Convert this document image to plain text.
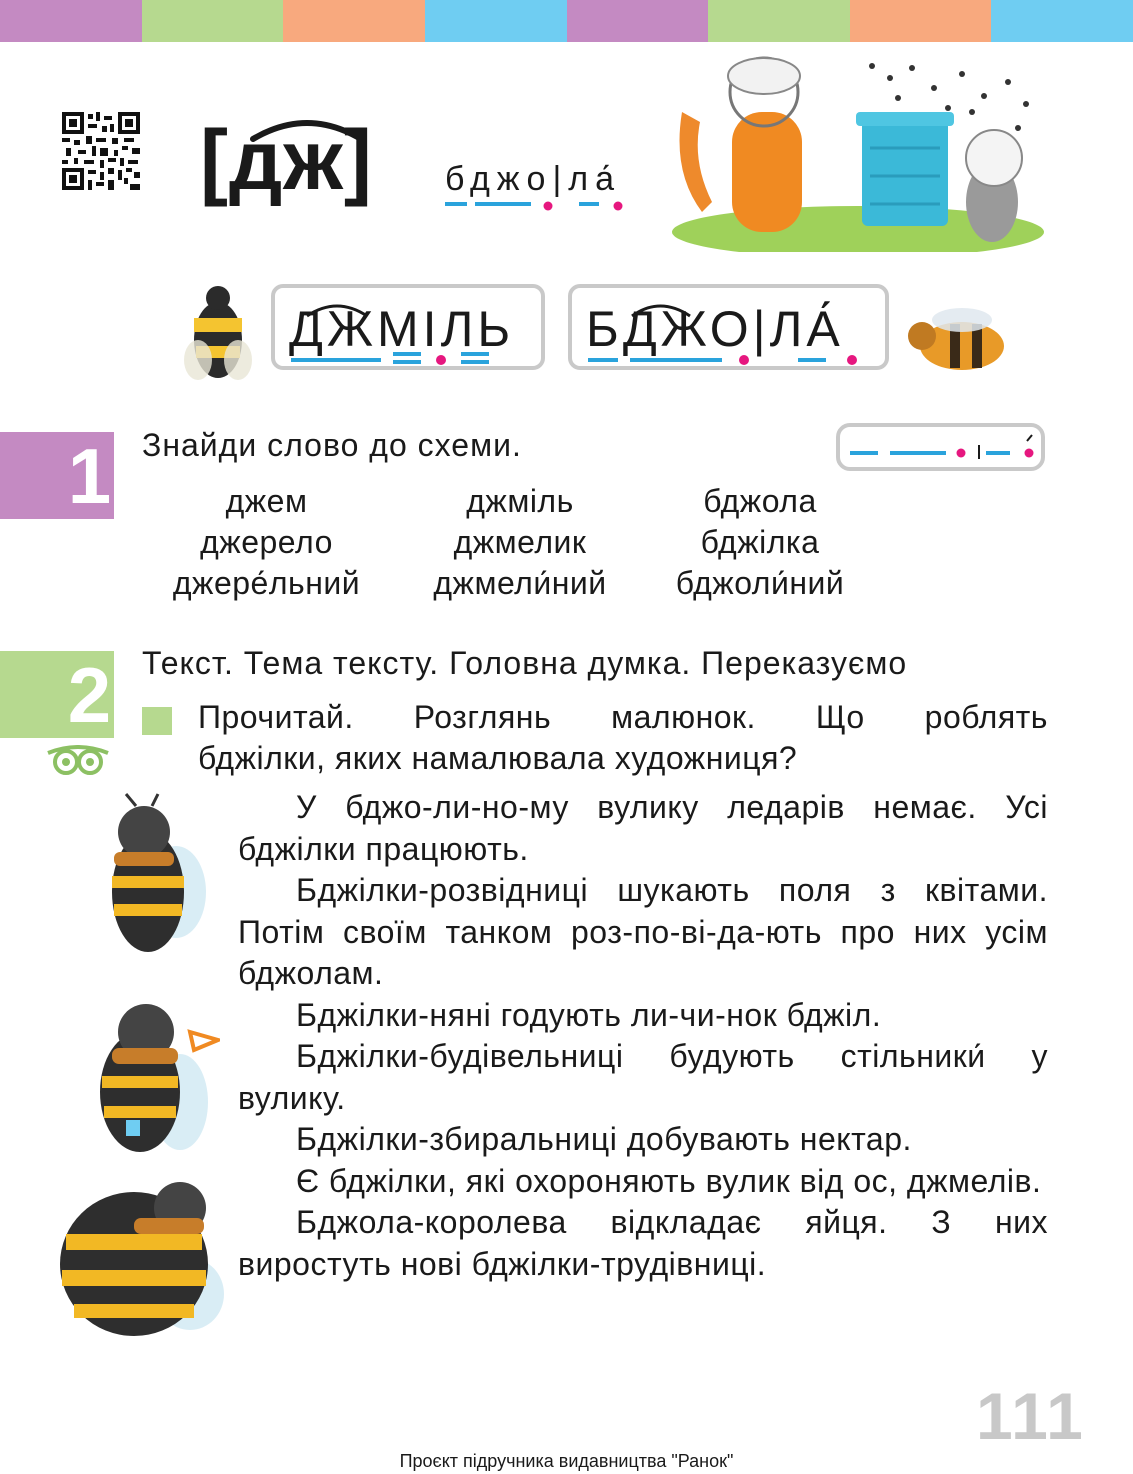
[дж] бджо|ла́
ДЖМІЛЬ БДЖО|ЛА́
1 Знайди слово до схеми.
джем
джерело
джере́льний
джміль
джмелик
джмели́ний
бджола
бджілка
бджоли́ний
2 Текст. Тема тексту. Головна думка. Переказуємо
Прочитай. Розглянь малюнок. Що роблять
бджілки, яких намалювала художниця?

У бджо-ли-но-му вулику ледарів немає. Усі бджілки працюють.

Бджілки-розвідниці шукають поля з квітами. Потім своїм танком роз-по-ві-да-ють про них усім бджолам.

Бджілки-няні годують ли-чи-нок бджіл.

Бджілки-будівельниці будують стільники́ у вулику.

Бджілки-збиральниці добувають нектар.

Є бджілки, які охороняють вулик від ос, джмелів.

Бджола-королева відкладає яйця. З них виростуть нові бджілки-трудівниці.

111
Проєкт підручника видавництва "Ранок"
